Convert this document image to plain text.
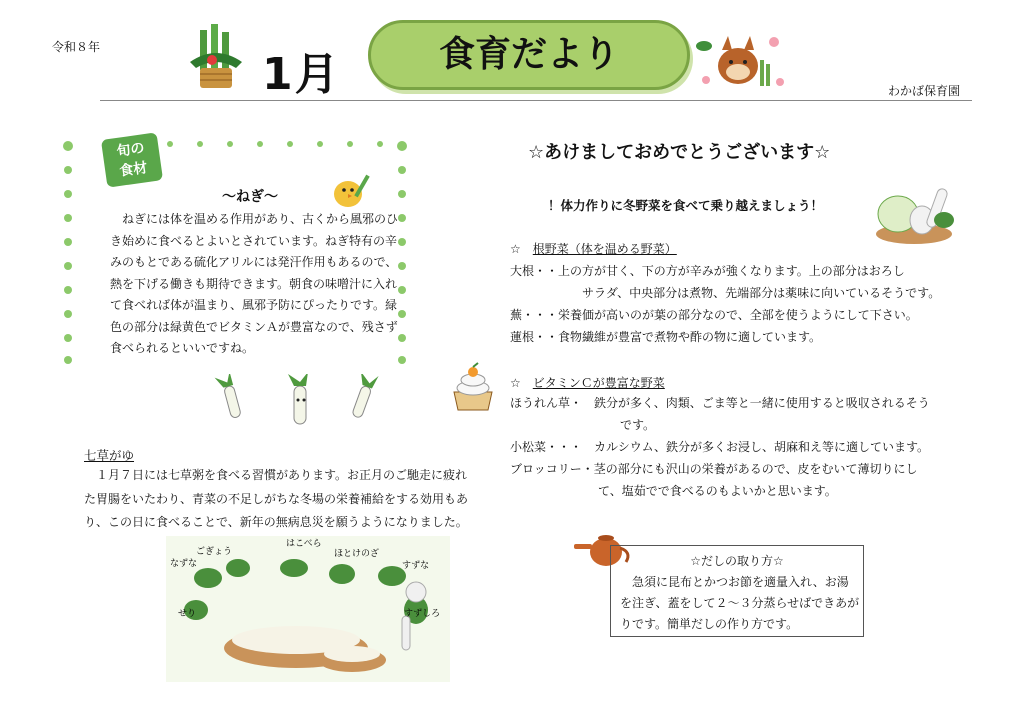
令和８年
1月	食育だより
わかば保育園
旬の
食材
～ねぎ～
ねぎには体を温める作用があり、古くから風邪のひき始めに食べるとよいとされています。ねぎ特有の辛みのもとである硫化アリルには発汗作用もあるので、熱を下げる働きも期待できます。朝食の味噌汁に入れて食べれば体が温まり、風邪予防にぴったりです。緑色の部分は緑黄色でビタミンＡが豊富なので、残さず食べられるといいですね。
七草がゆ
１月７日には七草粥を食べる習慣があります。お正月のご馳走に疲れた胃腸をいたわり、青菜の不足しがちな冬場の栄養補給をする効用もあり、この日に食べることで、新年の無病息災を願うようになりました。
ごぎょう
はこべら
なずな
ほとけのざ
すずな
せり	すずしろ
☆あけましておめでとうございます☆
！体力作りに冬野菜を食べて乗り越えましょう！
☆　 根野菜（体を温める野菜）
大根・・上の方が甘く、下の方が辛みが強くなります。上の部分はおろし
サラダ、中央部分は煮物、先端部分は薬味に向いているそうです。
蕪・・・栄養価が高いのが葉の部分なので、全部を使うようにして下さい。
蓮根・・食物繊維が豊富で煮物や酢の物に適しています。
☆　 ビタミンＣが豊富な野菜
ほうれん草・　鉄分が多く、肉類、ごま等と一緒に使用すると吸収されるそう
です。
小松菜・・・　カルシウム、鉄分が多くお浸し、胡麻和え等に適しています。
ブロッコリー・茎の部分にも沢山の栄養があるので、皮をむいて薄切りにし
て、塩茹でで食べるのもよいかと思います。
☆だしの取り方☆
急須に昆布とかつお節を適量入れ、お湯を注ぎ、蓋をして２～３分蒸らせばできあがりです。簡単だしの作り方です。
